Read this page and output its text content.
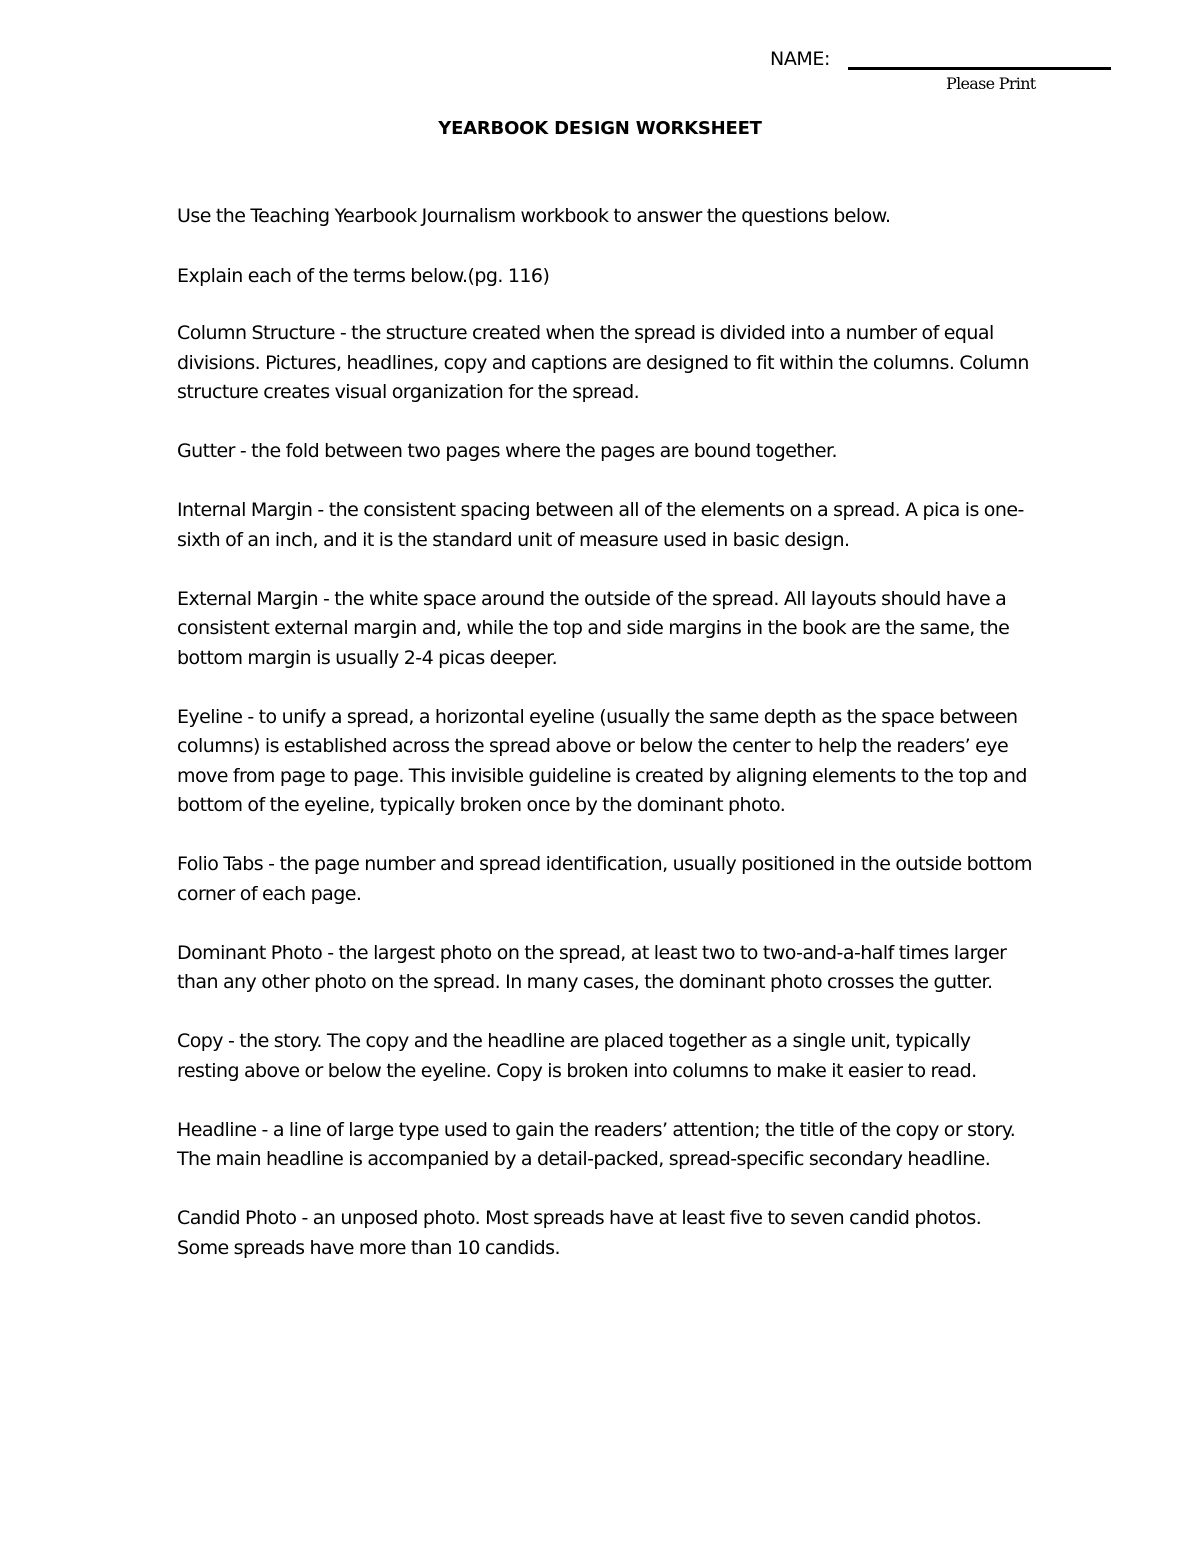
NAME:
Please Print
YEARBOOK DESIGN WORKSHEET

Use the Teaching Yearbook Journalism workbook to answer the questions below.

Explain each of the terms below.(pg. 116)

Column Structure - the structure created when the spread is divided into a number of equal divisions. Pictures, headlines, copy and captions are designed to fit within the columns. Column structure creates visual organization for the spread.
Gutter - the fold between two pages where the pages are bound together.
Internal Margin - the consistent spacing between all of the elements on a spread. A pica is one-sixth of an inch, and it is the standard unit of measure used in basic design.
External Margin - the white space around the outside of the spread. All layouts should have a consistent external margin and, while the top and side margins in the book are the same, the bottom margin is usually 2-4 picas deeper.
Eyeline - to unify a spread, a horizontal eyeline (usually the same depth as the space between columns) is established across the spread above or below the center to help the readers’ eye move from page to page. This invisible guideline is created by aligning elements to the top and bottom of the eyeline, typically broken once by the dominant photo.
Folio Tabs - the page number and spread identification, usually positioned in the outside bottom corner of each page.
Dominant Photo - the largest photo on the spread, at least two to two-and-a-half times larger than any other photo on the spread. In many cases, the dominant photo crosses the gutter.
Copy - the story. The copy and the headline are placed together as a single unit, typically resting above or below the eyeline. Copy is broken into columns to make it easier to read.
Headline - a line of large type used to gain the readers’ attention; the title of the copy or story. The main headline is accompanied by a detail-packed, spread-specific secondary headline.
Candid Photo - an unposed photo. Most spreads have at least five to seven candid photos. Some spreads have more than 10 candids.
